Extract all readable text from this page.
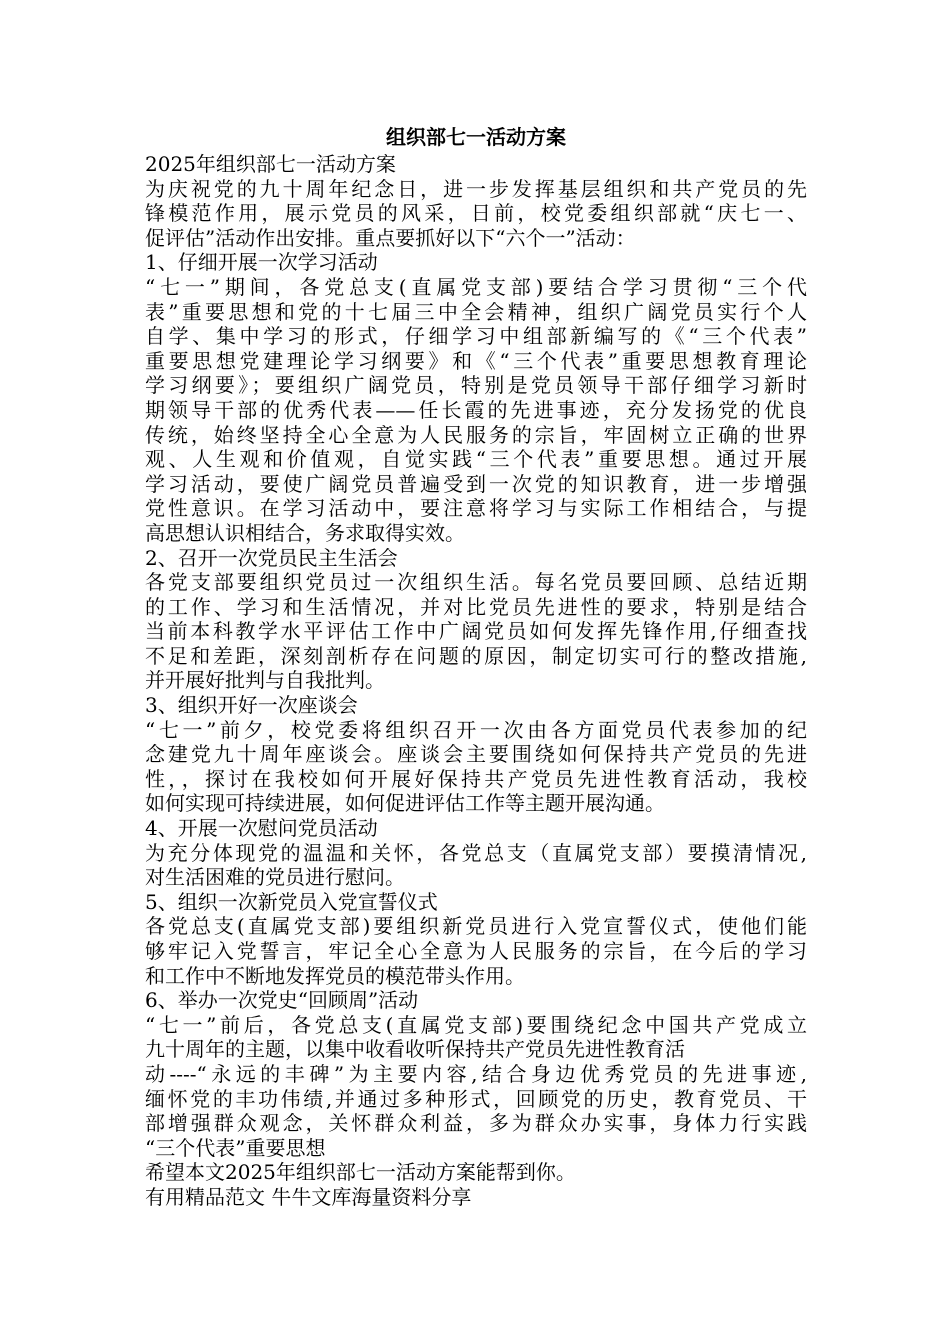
组织部七一活动方案

2025年组织部七一活动方案

为庆祝党的九十周年纪念日，进一步发挥基层组织和共产党员的先

锋模范作用，展示党员的风采，日前，校党委组织部就“庆七一、

促评估”活动作出安排。重点要抓好以下“六个一”活动：

1、仔细开展一次学习活动

“七一”期间，各党总支(直属党支部)要结合学习贯彻“三个代

表”重要思想和党的十七届三中全会精神，组织广阔党员实行个人

自学、集中学习的形式，仔细学习中组部新编写的《“三个代表”

重要思想党建理论学习纲要》和《“三个代表”重要思想教育理论

学习纲要》；要组织广阔党员，特别是党员领导干部仔细学习新时

期领导干部的优秀代表——任长霞的先进事迹，充分发扬党的优良

传统，始终坚持全心全意为人民服务的宗旨，牢固树立正确的世界

观、人生观和价值观，自觉实践“三个代表”重要思想。通过开展

学习活动，要使广阔党员普遍受到一次党的知识教育，进一步增强

党性意识。在学习活动中，要注意将学习与实际工作相结合，与提

高思想认识相结合，务求取得实效。

2、召开一次党员民主生活会

各党支部要组织党员过一次组织生活。每名党员要回顾、总结近期

的工作、学习和生活情况，并对比党员先进性的要求，特别是结合

当前本科教学水平评估工作中广阔党员如何发挥先锋作用,仔细查找

不足和差距，深刻剖析存在问题的原因，制定切实可行的整改措施,

并开展好批判与自我批判。

3、组织开好一次座谈会

“七一”前夕，校党委将组织召开一次由各方面党员代表参加的纪

念建党九十周年座谈会。座谈会主要围绕如何保持共产党员的先进

性，，探讨在我校如何开展好保持共产党员先进性教育活动，我校

如何实现可持续进展，如何促进评估工作等主题开展沟通。

4、开展一次慰问党员活动

为充分体现党的温温和关怀，各党总支（直属党支部）要摸清情况,

对生活困难的党员进行慰问。

5、组织一次新党员入党宣誓仪式

各党总支(直属党支部)要组织新党员进行入党宣誓仪式，使他们能

够牢记入党誓言，牢记全心全意为人民服务的宗旨，在今后的学习

和工作中不断地发挥党员的模范带头作用。

6、举办一次党史“回顾周”活动

“七一”前后，各党总支(直属党支部)要围绕纪念中国共产党成立

九十周年的主题，以集中收看收听保持共产党员先进性教育活

动----“永远的丰碑”为主要内容,结合身边优秀党员的先进事迹,

缅怀党的丰功伟绩,并通过多种形式，回顾党的历史，教育党员、干

部增强群众观念，关怀群众利益，多为群众办实事，身体力行实践

“三个代表”重要思想

希望本文2025年组织部七一活动方案能帮到你。

有用精品范文 牛牛文库海量资料分享
